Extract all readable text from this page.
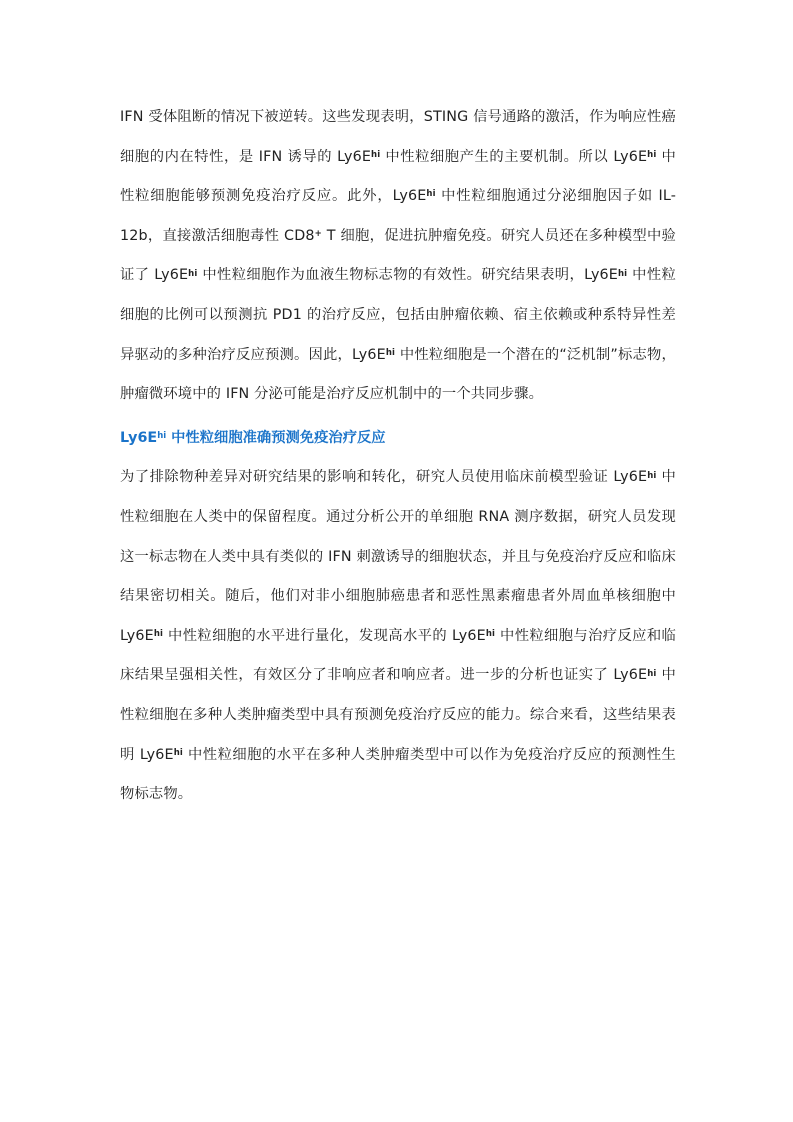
IFN 受体阻断的情况下被逆转。这些发现表明，STING 信号通路的激活，作为响应性癌细胞的内在特性，是 IFN 诱导的 $Ly6E^{hi}$ 中性粒细胞产生的主要机制。所以 $Ly6E^{hi}$ 中性粒细胞能够预测免疫治疗反应。此外，$Ly6E^{hi}$ 中性粒细胞通过分泌细胞因子如 IL-12b，直接激活细胞毒性 CD8+ T 细胞，促进抗肿瘤免疫。研究人员还在多种模型中验证了 $Ly6E^{hi}$ 中性粒细胞作为血液生物标志物的有效性。研究结果表明，$Ly6E^{hi}$ 中性粒细胞的比例可以预测抗 PD1 的治疗反应，包括由肿瘤依赖、宿主依赖或种系特异性差异驱动的多种治疗反应预测。因此，$Ly6E^{hi}$ 中性粒细胞是一个潜在的“泛机制”标志物，肿瘤微环境中的 IFN 分泌可能是治疗反应机制中的一个共同步骤。

$Ly6E^{hi}$ 中性粒细胞准确预测免疫治疗反应

为了排除物种差异对研究结果的影响和转化，研究人员使用临床前模型验证 $Ly6E^{hi}$ 中性粒细胞在人类中的保留程度。通过分析公开的单细胞 RNA 测序数据，研究人员发现这一标志物在人类中具有类似的 IFN 刺激诱导的细胞状态，并且与免疫治疗反应和临床结果密切相关。随后，他们对非小细胞肺癌患者和恶性黑素瘤患者外周血单核细胞中 $Ly6E^{hi}$ 中性粒细胞的水平进行量化，发现高水平的 $Ly6E^{hi}$ 中性粒细胞与治疗反应和临床结果呈强相关性，有效区分了非响应者和响应者。进一步的分析也证实了 $Ly6E^{hi}$ 中性粒细胞在多种人类肿瘤类型中具有预测免疫治疗反应的能力。综合来看，这些结果表明 $Ly6E^{hi}$ 中性粒细胞的水平在多种人类肿瘤类型中可以作为免疫治疗反应的预测性生物标志物。
